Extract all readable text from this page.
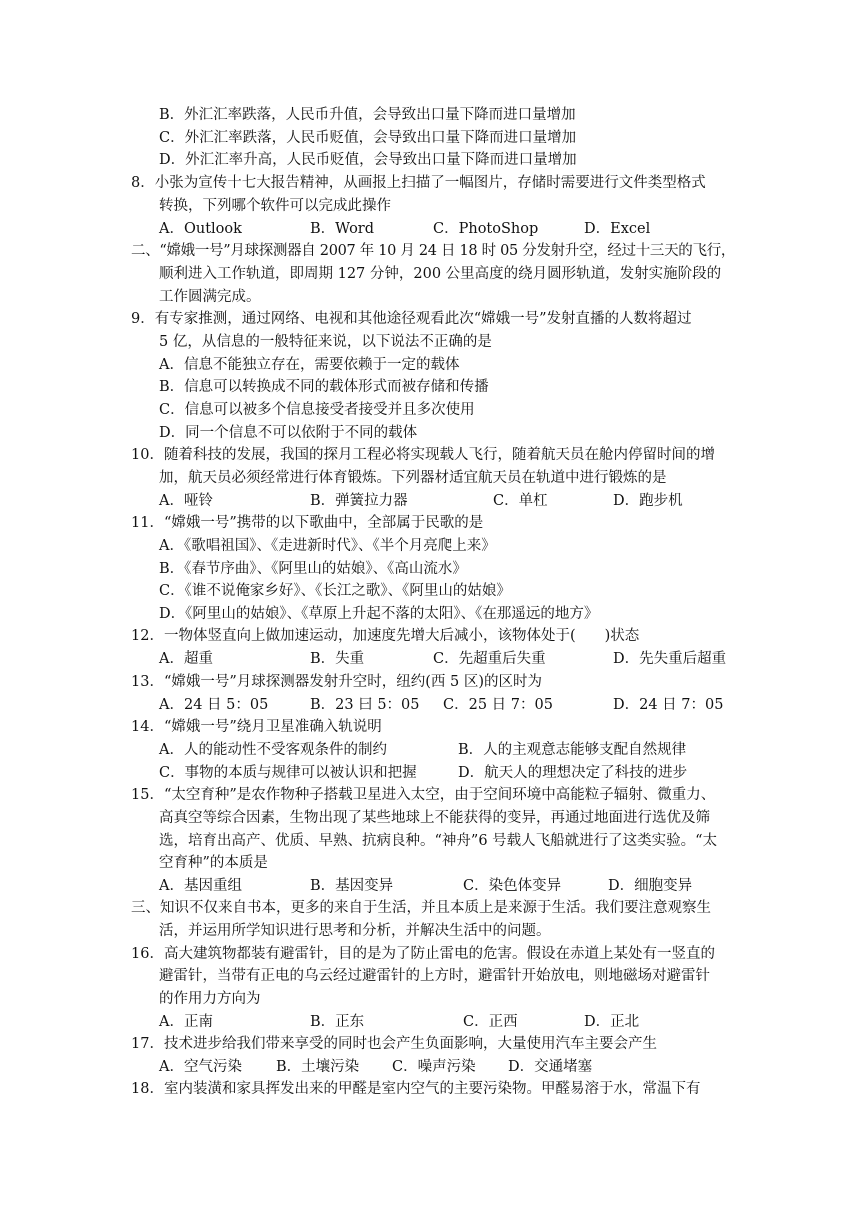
B．外汇汇率跌落，人民币升值，会导致出口量下降而进口量增加
C．外汇汇率跌落，人民币贬值，会导致出口量下降而进口量增加
D．外汇汇率升高，人民币贬值，会导致出口量下降而进口量增加
8．小张为宣传十七大报告精神，从画报上扫描了一幅图片，存储时需要进行文件类型格式
转换，下列哪个软件可以完成此操作
A．Outlook	B．Word	C．PhotoShop	D．Excel
二、“嫦娥一号”月球探测器自 2007 年 10 月 24 日 18 时 05 分发射升空，经过十三天的飞行，
顺利进入工作轨道，即周期 127 分钟，200 公里高度的绕月圆形轨道，发射实施阶段的
工作圆满完成。
9．有专家推测，通过网络、电视和其他途径观看此次“嫦娥一号”发射直播的人数将超过
5 亿，从信息的一般特征来说，以下说法不正确的是
A．信息不能独立存在，需要依赖于一定的载体
B．信息可以转换成不同的载体形式而被存储和传播
C．信息可以被多个信息接受者接受并且多次使用
D．同一个信息不可以依附于不同的载体
10．随着科技的发展，我国的探月工程必将实现载人飞行，随着航天员在舱内停留时间的增
加，航天员必须经常进行体育锻炼。下列器材适宜航天员在轨道中进行锻炼的是
A．哑铃	B．弹簧拉力器	C．单杠	D．跑步机
11．“嫦娥一号”携带的以下歌曲中，全部属于民歌的是
A．《歌唱祖国》、《走进新时代》、《半个月亮爬上来》
B．《春节序曲》、《阿里山的姑娘》、《高山流水》
C．《谁不说俺家乡好》、《长江之歌》、《阿里山的姑娘》
D．《阿里山的姑娘》、《草原上升起不落的太阳》、《在那遥远的地方》
12．一物体竖直向上做加速运动，加速度先增大后减小，该物体处于(　　)状态
A．超重	B．失重	C．先超重后失重	D．先失重后超重
13．“嫦娥一号”月球探测器发射升空时，纽约(西 5 区)的区时为
A．24 日 5：05	B．23 曰 5：05 C．25 日 7：05	D．24 日 7：05
14．“嫦娥一号”绕月卫星准确入轨说明
A．人的能动性不受客观条件的制约	B．人的主观意志能够支配自然规律
C．事物的本质与规律可以被认识和把握	D．航天人的理想决定了科技的进步
15．“太空育种”是农作物种子搭载卫星进入太空，由于空间环境中高能粒子辐射、微重力、
高真空等综合因素，生物出现了某些地球上不能获得的变异，再通过地面进行选优及筛
选，培育出高产、优质、早熟、抗病良种。“神舟”6 号载人飞船就进行了这类实验。“太
空育种”的本质是
A．基因重组	B．基因变异	C．染色体变异	D．细胞变异
三、知识不仅来自书本，更多的来自于生活，并且本质上是来源于生活。我们要注意观察生
活，并运用所学知识进行思考和分析，并解决生活中的问题。
16．高大建筑物都装有避雷针，目的是为了防止雷电的危害。假设在赤道上某处有一竖直的
避雷针，当带有正电的乌云经过避雷针的上方时，避雷针开始放电，则地磁场对避雷针
的作用力方向为
A．正南	B．正东	C．正西	D．正北
17．技术进步给我们带来享受的同时也会产生负面影响，大量使用汽车主要会产生
A．空气污染 B．土壤污染 C．噪声污染 D．交通堵塞
18．室内装潢和家具挥发出来的甲醛是室内空气的主要污染物。甲醛易溶于水，常温下有
